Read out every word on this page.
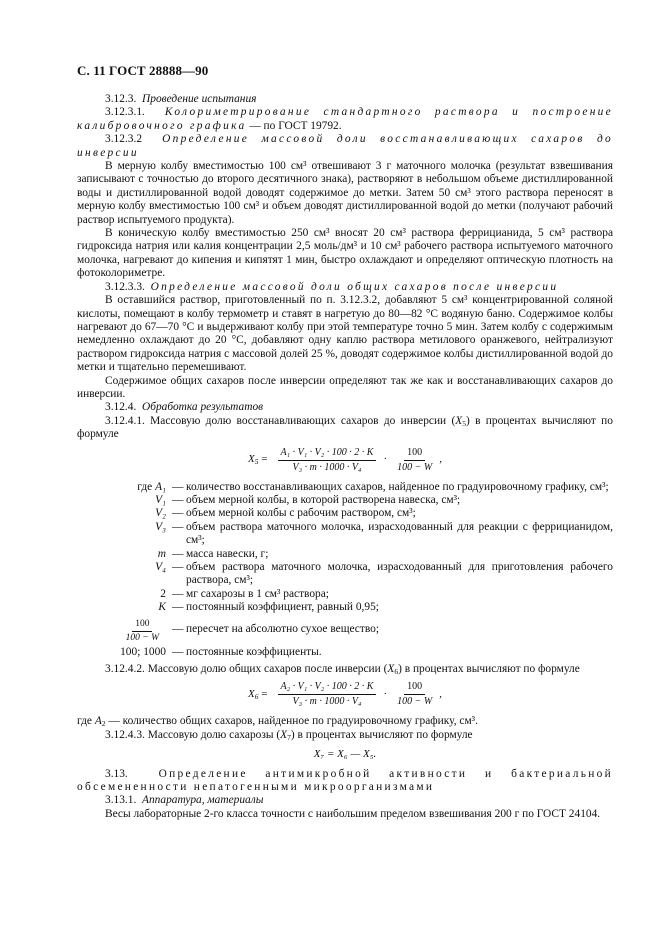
С. 11 ГОСТ 28888—90

3.12.3. Проведение испытания

3.12.3.1. Колориметрирование стандартного раствора и построение калибровочного графика — по ГОСТ 19792.

3.12.3.2 Определение массовой доли восстанавливающих сахаров до инверсии

В мерную колбу вместимостью 100 см³ отвешивают 3 г маточного молочка (результат взвешивания записывают с точностью до второго десятичного знака), растворяют в небольшом объеме дистиллированной воды и дистиллированной водой доводят содержимое до метки. Затем 50 см³ этого раствора переносят в мерную колбу вместимостью 100 см³ и объем доводят дистиллированной водой до метки (получают рабочий раствор испытуемого продукта).

В коническую колбу вместимостью 250 см³ вносят 20 см³ раствора феррицианида, 5 см³ раствора гидроксида натрия или калия концентрации 2,5 моль/дм³ и 10 см³ рабочего раствора испытуемого маточного молочка, нагревают до кипения и кипятят 1 мин, быстро охлаждают и определяют оптическую плотность на фотоколориметре.

3.12.3.3. Определение массовой доли общих сахаров после инверсии

В оставшийся раствор, приготовленный по п. 3.12.3.2, добавляют 5 см³ концентрированной соляной кислоты, помещают в колбу термометр и ставят в нагретую до 80—82 °С водяную баню. Содержимое колбы нагревают до 67—70 °С и выдерживают колбу при этой температуре точно 5 мин. Затем колбу с содержимым немедленно охлаждают до 20 °С, добавляют одну каплю раствора метилового оранжевого, нейтрализуют раствором гидроксида натрия с массовой долей 25 %, доводят содержимое колбы дистиллированной водой до метки и тщательно перемешивают.

Содержимое общих сахаров после инверсии определяют так же как и восстанавливающих сахаров до инверсии.

3.12.4. Обработка результатов

3.12.4.1. Массовую долю восстанавливающих сахаров до инверсии $(X_5)$ в процентах вычисляют по формуле

$X_5 = \frac{\text{A₁ · V₁ · V₂ · 100 · 2 · K}}{\text{V₃ · m · 1000 · V₄}} \cdot \frac{100}{100 - W}$ ,
где A₁ — количество восстанавливающих сахаров, найденное по градуировочному графику, см³;
V₁ — объем мерной колбы, в которой растворена навеска, см³;
V₂ — объем мерной колбы с рабочим раствором, см³;
V₃ — объем раствора маточного молочка, израсходованный для реакции с феррицианидом, см³;
m — масса навески, г;
V₄ — объем раствора маточного молочка, израсходованный для приготовления рабочего раствора, см³;
2 — мг сахарозы в 1 см³ раствора;
K — постоянный коэффициент, равный 0,95;
$\frac{100}{100 - W}$ — пересчет на абсолютно сухое вещество;
100; 1000 — постоянные коэффициенты.

3.12.4.2. Массовую долю общих сахаров после инверсии $(X_6)$ в процентах вычисляют по формуле

$X_6 = \frac{\text{A₂ · V₁ · V₂ · 100 · 2 · K}}{\text{V₃ · m · 1000 · V₄}} \cdot \frac{100}{100 - W}$ ,

где $A_2$ — количество общих сахаров, найденное по градуировочному графику, см³.

3.12.4.3. Массовую долю сахарозы $(X_7)$ в процентах вычисляют по формуле

X₇ = X₆ — X₅.

3.13.	Определение антимикробной активности и бактериальной обсемененности непатогенными микроорганизмами

3.13.1. Аппаратура, материалы

Весы лабораторные 2-го класса точности с наибольшим пределом взвешивания 200 г по ГОСТ 24104.
